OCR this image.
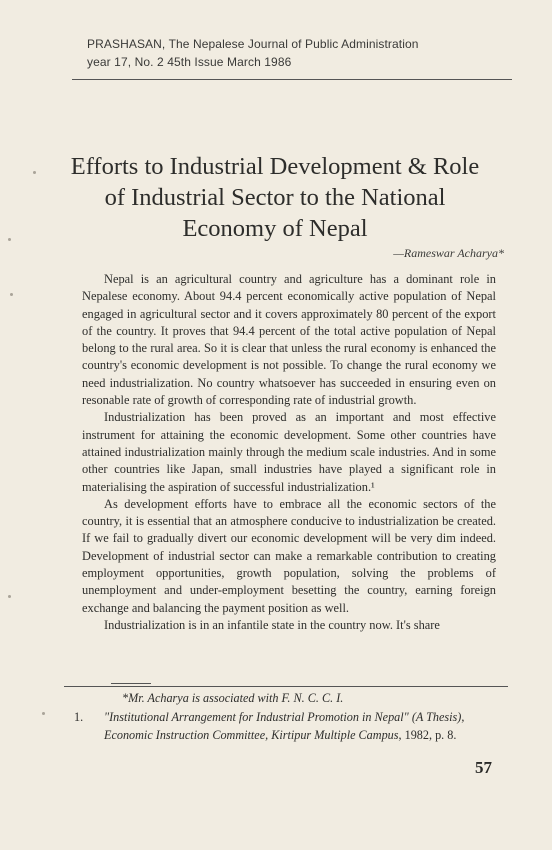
PRASHASAN, The Nepalese Journal of Public Administration
year 17, No. 2 45th Issue March 1986
Efforts to Industrial Development & Role
of Industrial Sector to the National
Economy of Nepal
—Rameswar Acharya*

Nepal is an agricultural country and agriculture has a dominant role in Nepalese economy. About 94.4 percent economically active population of Nepal engaged in agricultural sector and it covers approximately 80 percent of the export of the country. It proves that 94.4 percent of the total active population of Nepal belong to the rural area. So it is clear that unless the rural economy is enhanced the country's economic development is not possible. To change the rural economy we need industrialization. No country whatsoever has succeeded in ensuring even on resonable rate of growth of corresponding rate of industrial growth.

Industrialization has been proved as an important and most effective instrument for attaining the economic development. Some other countries have attained industrialization mainly through the medium scale industries. And in some other countries like Japan, small industries have played a significant role in materialising the aspiration of successful industrialization.¹

As development efforts have to embrace all the economic sectors of the country, it is essential that an atmosphere conducive to industrialization be created. If we fail to gradually divert our economic development will be very dim indeed. Development of industrial sector can make a remarkable contribution to creating employment opportunities, growth population, solving the problems of unemployment and under-employment besetting the country, earning foreign exchange and balancing the payment position as well.

Industrialization is in an infantile state in the country now. It's share

*Mr. Acharya is associated with F. N. C. C. I.
1. "Institutional Arrangement for Industrial Promotion in Nepal" (A Thesis), Economic Instruction Committee, Kirtipur Multiple Campus, 1982, p. 8.
57
